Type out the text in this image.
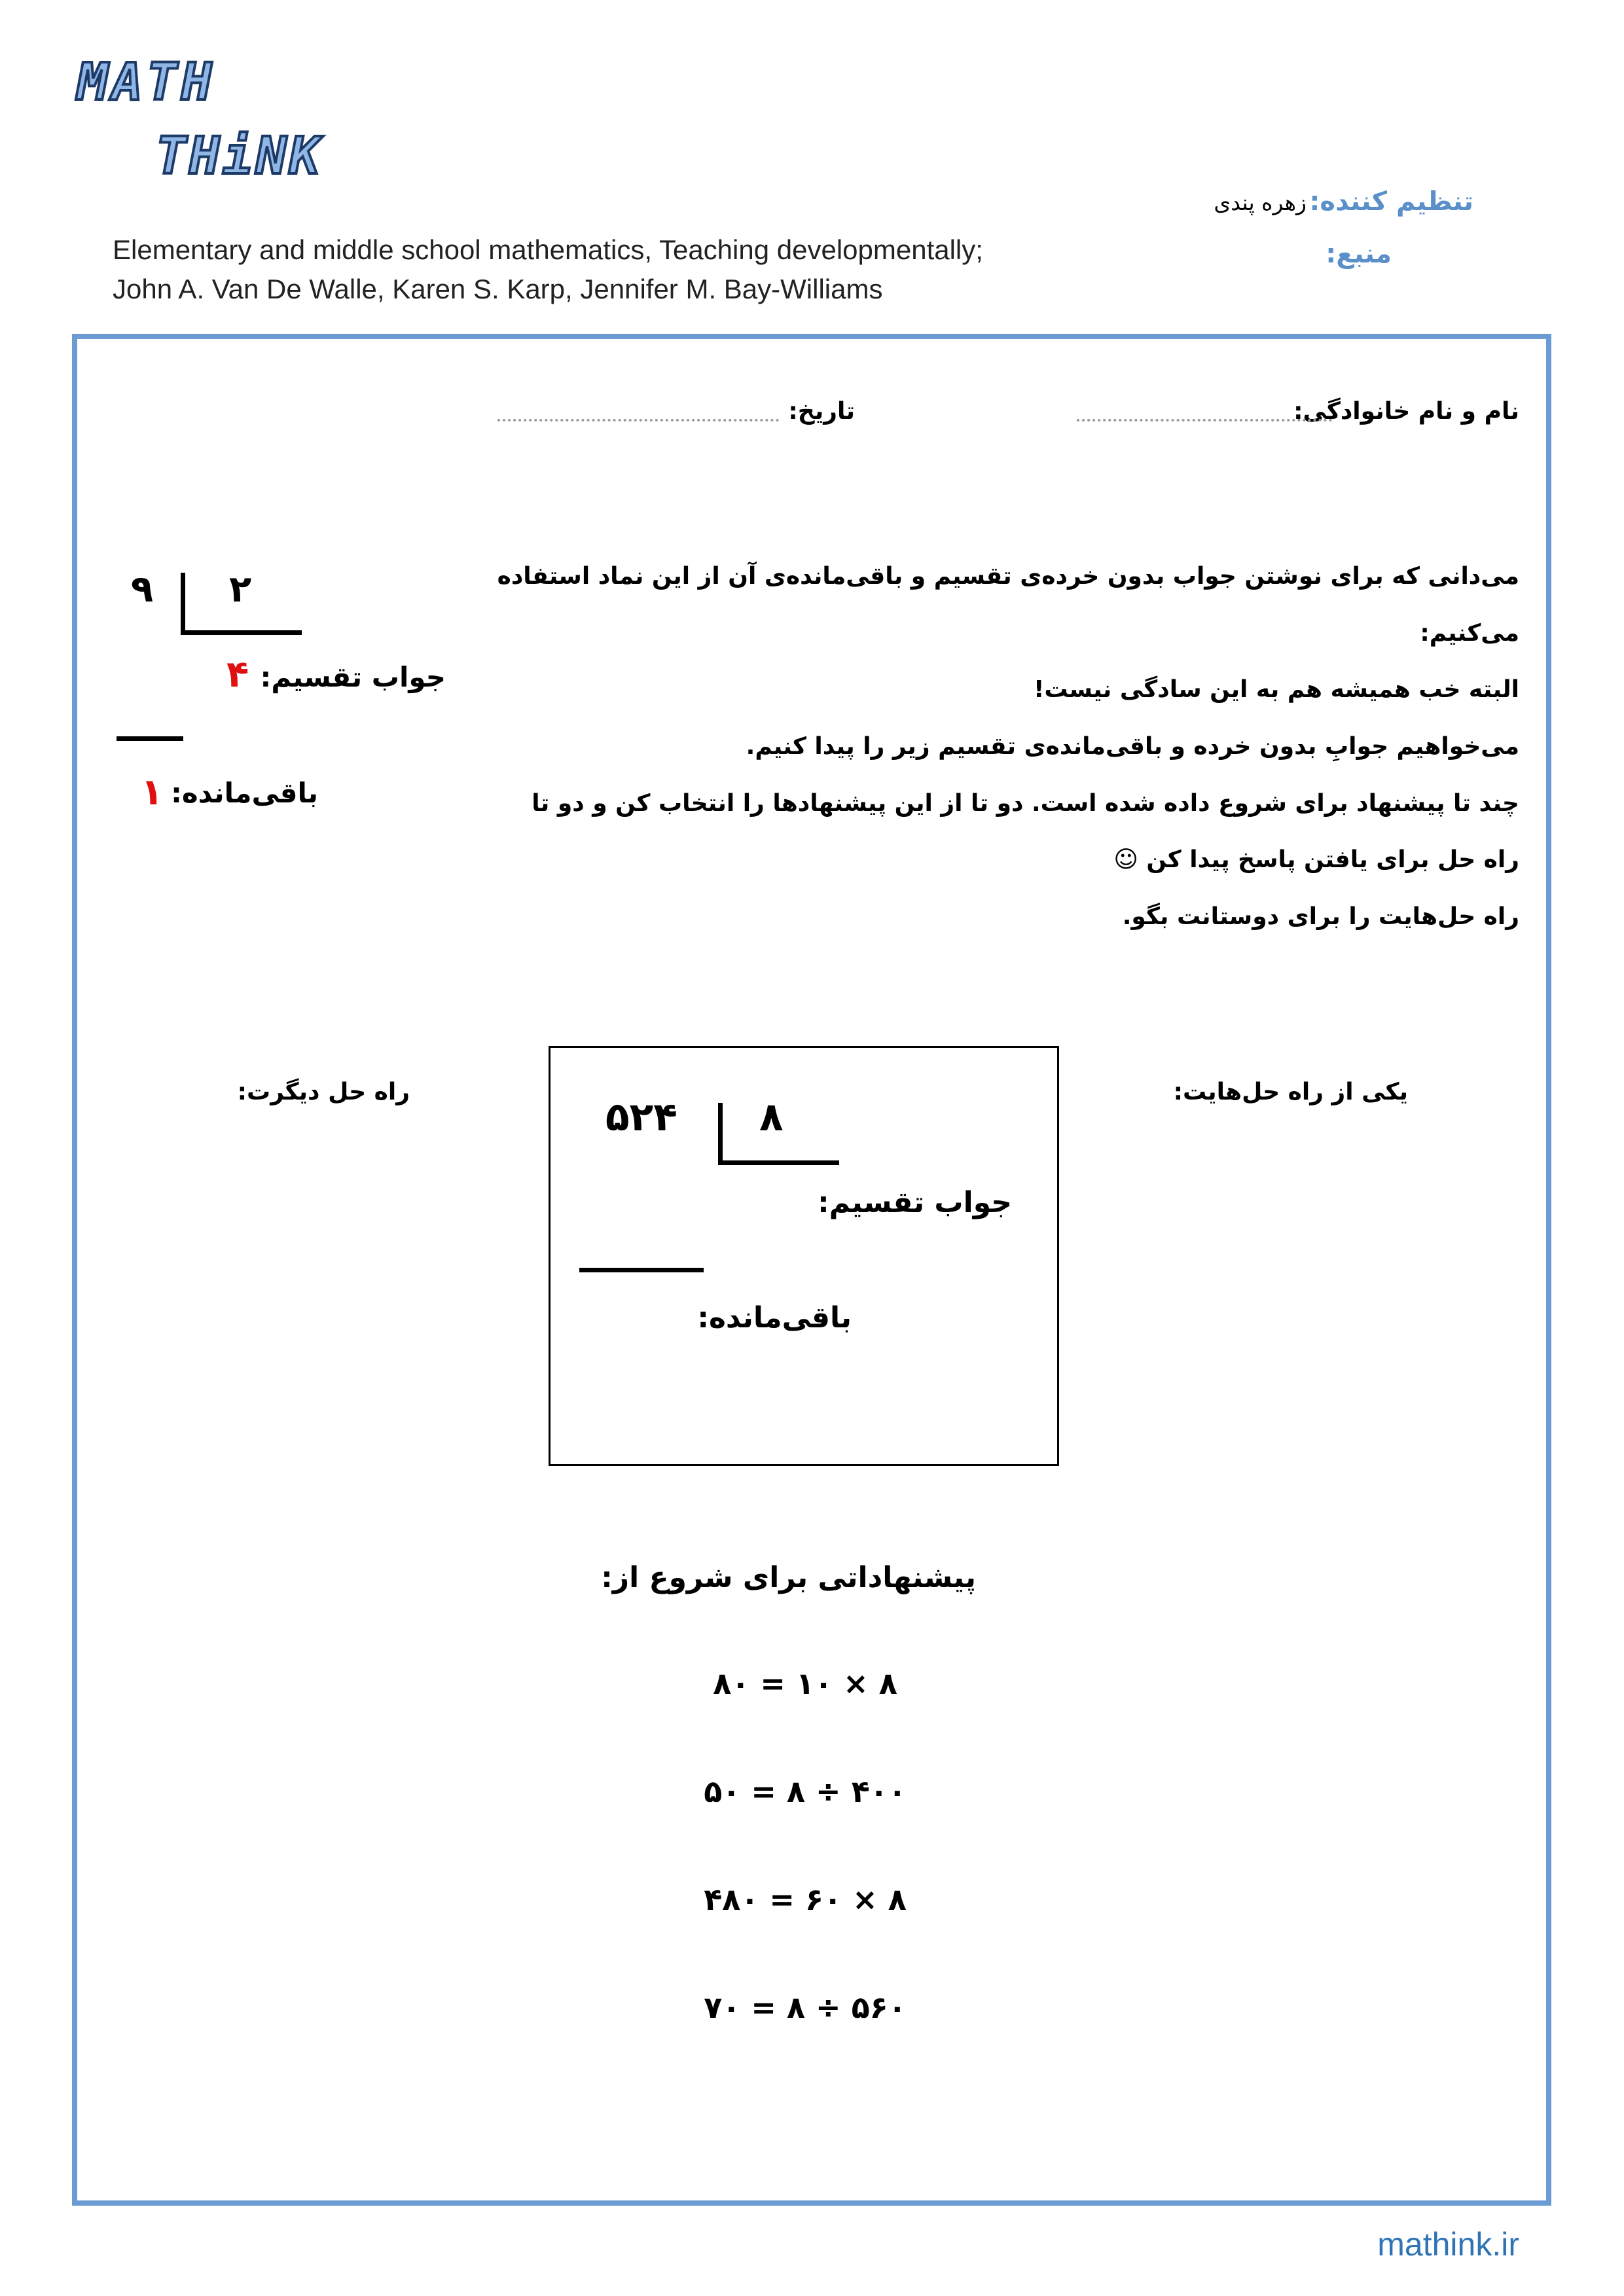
MATH
THiNK
تنظیم کننده:
زهره پندی
منبع:
Elementary and middle school mathematics, Teaching developmentally;
John A. Van De Walle, Karen S. Karp, Jennifer M. Bay-Williams
نام و نام خانوادگی:
تاریخ:
می‌دانی که برای نوشتن جواب بدون خرده‌ی تقسیم و باقی‌مانده‌ی آن از این نماد استفاده
می‌کنیم:
البته خب همیشه هم به این سادگی نیست!
می‌خواهیم جوابِ بدون خرده و باقی‌مانده‌ی تقسیم زیر را پیدا کنیم.
چند تا پیشنهاد برای شروع داده شده است. دو تا از این پیشنهادها را انتخاب کن و دو تا
راه حل برای یافتن پاسخ پیدا کن ☺
راه حل‌هایت را برای دوستانت بگو.
۹ ۲
جواب تقسیم:
۴
باقی‌مانده:
۱
یکی از راه حل‌هایت:
راه حل دیگرت:
۵۲۴ ۸
جواب تقسیم:
باقی‌مانده:
پیشنهاداتی برای شروع از:
۸ × ۱۰ = ۸۰
۴۰۰ ÷ ۸ = ۵۰
۸ × ۶۰ = ۴۸۰
۵۶۰ ÷ ۸ = ۷۰
mathink.ir
